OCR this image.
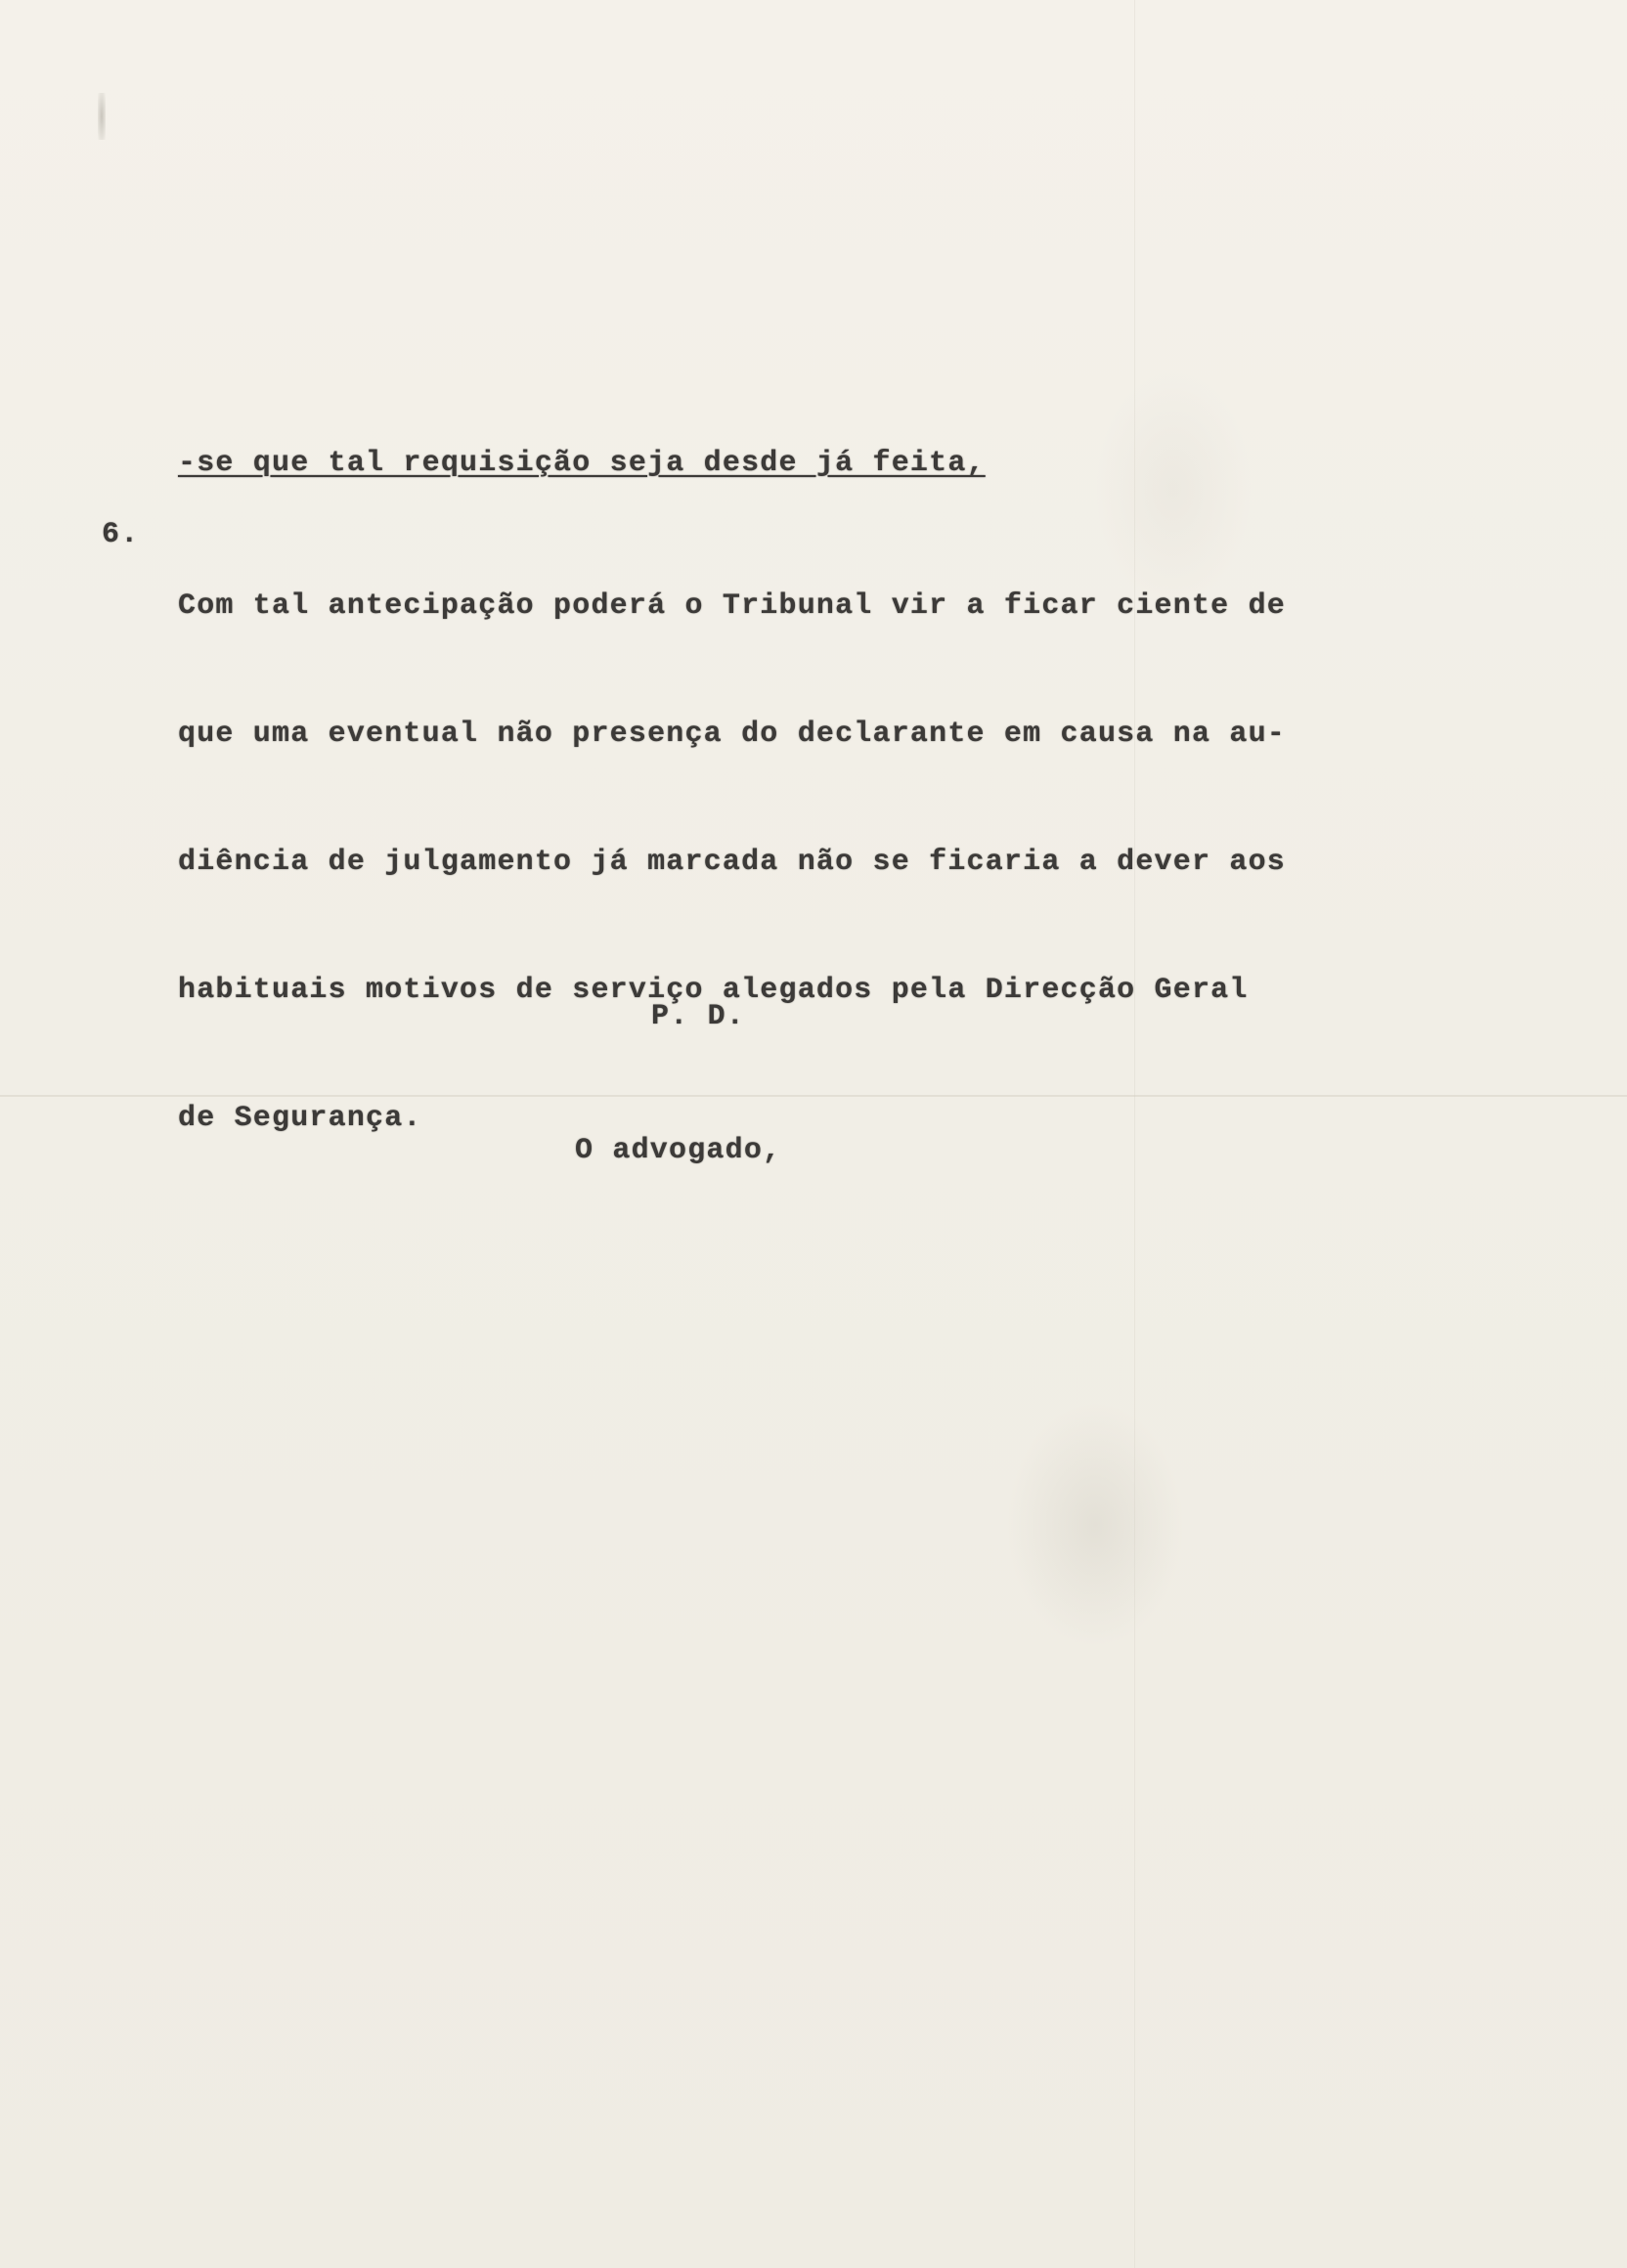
-se que tal requisição seja desde já feita,
6.

Com tal antecipação poderá o Tribunal vir a ficar ciente de

que uma eventual não presença do declarante em causa na au-

diência de julgamento já marcada não se ficaria a dever aos

habituais motivos de serviço alegados pela Direcção Geral

de Segurança.

P. D.
O advogado,
